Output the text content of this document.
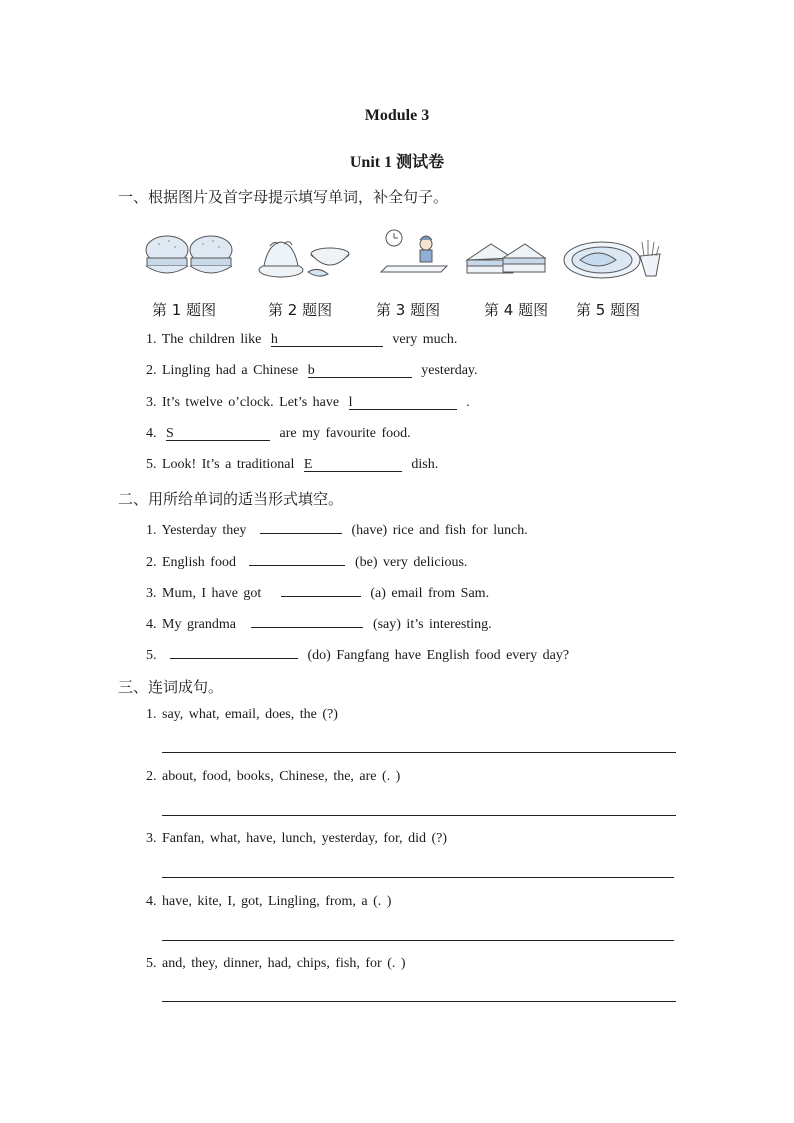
Module 3
Unit 1 测试卷
一、根据图片及首字母提示填写单词，补全句子。
第 1 题图	第 2 题图	第 3 题图	第 4 题图 第 5 题图
1. The children like h	very much.
2. Lingling had a Chinese b	yesterday.
3. It’s twelve o’clock. Let’s have l	.
4. S	are my favourite food.
5. Look! It’s a traditional E	dish.
二、用所给单词的适当形式填空。
1. Yesterday they	(have) rice and fish for lunch.
2. English food	(be) very delicious.
3. Mum, I have got	(a) email from Sam.
4. My grandma	(say) it’s interesting.
5.	(do) Fangfang have English food every day?
三、连词成句。
1. say, what, email, does, the (?)
2. about, food, books, Chinese, the, are (. )
3. Fanfan, what, have, lunch, yesterday, for, did (?)
4. have, kite, I, got, Lingling, from, a (. )
5. and, they, dinner, had, chips, fish, for (. )
